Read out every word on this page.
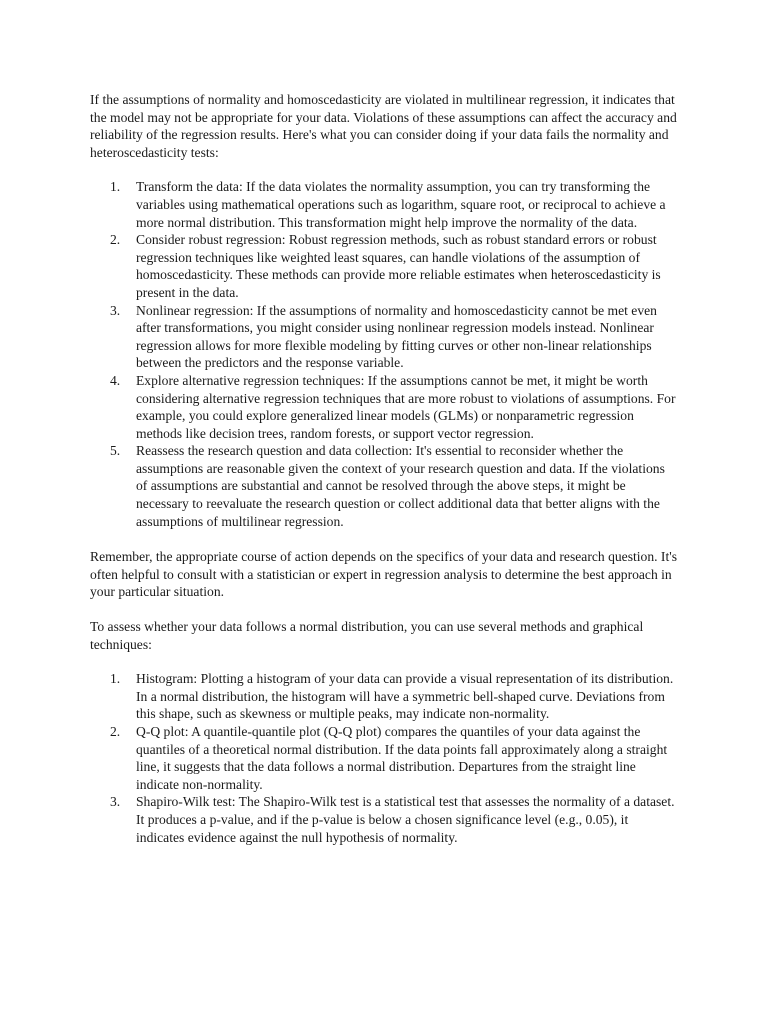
If the assumptions of normality and homoscedasticity are violated in multilinear regression, it indicates that the model may not be appropriate for your data. Violations of these assumptions can affect the accuracy and reliability of the regression results. Here's what you can consider doing if your data fails the normality and heteroscedasticity tests:

1. Transform the data: If the data violates the normality assumption, you can try transforming the variables using mathematical operations such as logarithm, square root, or reciprocal to achieve a more normal distribution. This transformation might help improve the normality of the data.
2. Consider robust regression: Robust regression methods, such as robust standard errors or robust regression techniques like weighted least squares, can handle violations of the assumption of homoscedasticity. These methods can provide more reliable estimates when heteroscedasticity is present in the data.
3. Nonlinear regression: If the assumptions of normality and homoscedasticity cannot be met even after transformations, you might consider using nonlinear regression models instead. Nonlinear regression allows for more flexible modeling by fitting curves or other non-linear relationships between the predictors and the response variable.
4. Explore alternative regression techniques: If the assumptions cannot be met, it might be worth considering alternative regression techniques that are more robust to violations of assumptions. For example, you could explore generalized linear models (GLMs) or nonparametric regression methods like decision trees, random forests, or support vector regression.
5. Reassess the research question and data collection: It's essential to reconsider whether the assumptions are reasonable given the context of your research question and data. If the violations of assumptions are substantial and cannot be resolved through the above steps, it might be necessary to reevaluate the research question or collect additional data that better aligns with the assumptions of multilinear regression.

Remember, the appropriate course of action depends on the specifics of your data and research question. It's often helpful to consult with a statistician or expert in regression analysis to determine the best approach in your particular situation.

To assess whether your data follows a normal distribution, you can use several methods and graphical techniques:

1. Histogram: Plotting a histogram of your data can provide a visual representation of its distribution. In a normal distribution, the histogram will have a symmetric bell-shaped curve. Deviations from this shape, such as skewness or multiple peaks, may indicate non-normality.
2. Q-Q plot: A quantile-quantile plot (Q-Q plot) compares the quantiles of your data against the quantiles of a theoretical normal distribution. If the data points fall approximately along a straight line, it suggests that the data follows a normal distribution. Departures from the straight line indicate non-normality.
3. Shapiro-Wilk test: The Shapiro-Wilk test is a statistical test that assesses the normality of a dataset. It produces a p-value, and if the p-value is below a chosen significance level (e.g., 0.05), it indicates evidence against the null hypothesis of normality.
